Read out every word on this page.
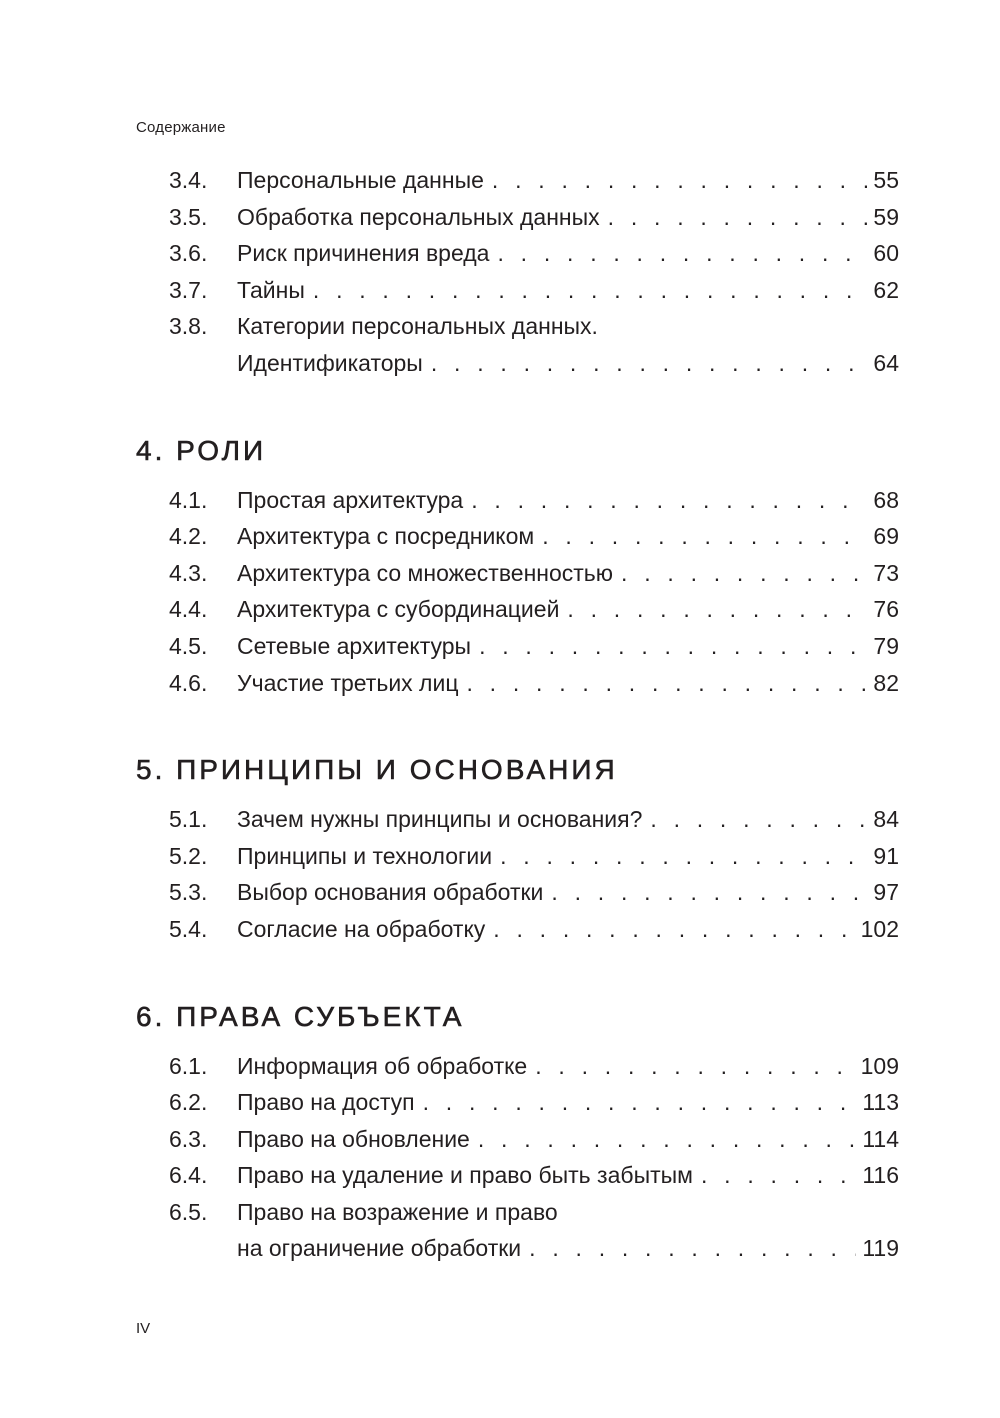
Содержание
3.4.	Персональные данные . . .	55
3.5.	Обработка персональных данных . . .	59
3.6.	Риск причинения вреда . . .	60
3.7.	Тайны . . .	62
3.8.	Категории персональных данных.
Идентификаторы . . .	64
4. РОЛИ
4.1.	Простая архитектура . . .	68
4.2.	Архитектура с посредником . . .	69
4.3.	Архитектура со множественностью . . .	73
4.4.	Архитектура с субординацией . . .	76
4.5.	Сетевые архитектуры . . .	79
4.6.	Участие третьих лиц . . .	82
5. ПРИНЦИПЫ И ОСНОВАНИЯ
5.1.	Зачем нужны принципы и основания? . . .	84
5.2.	Принципы и технологии . . .	91
5.3.	Выбор основания обработки . . .	97
5.4.	Согласие на обработку . . .	102
6. ПРАВА СУБЪЕКТА
6.1.	Информация об обработке . . .	109
6.2.	Право на доступ . . .	113
6.3.	Право на обновление . . .	114
6.4.	Право на удаление и право быть забытым . . .	116
6.5.	Право на возражение и право
на ограничение обработки . . .	119
IV
